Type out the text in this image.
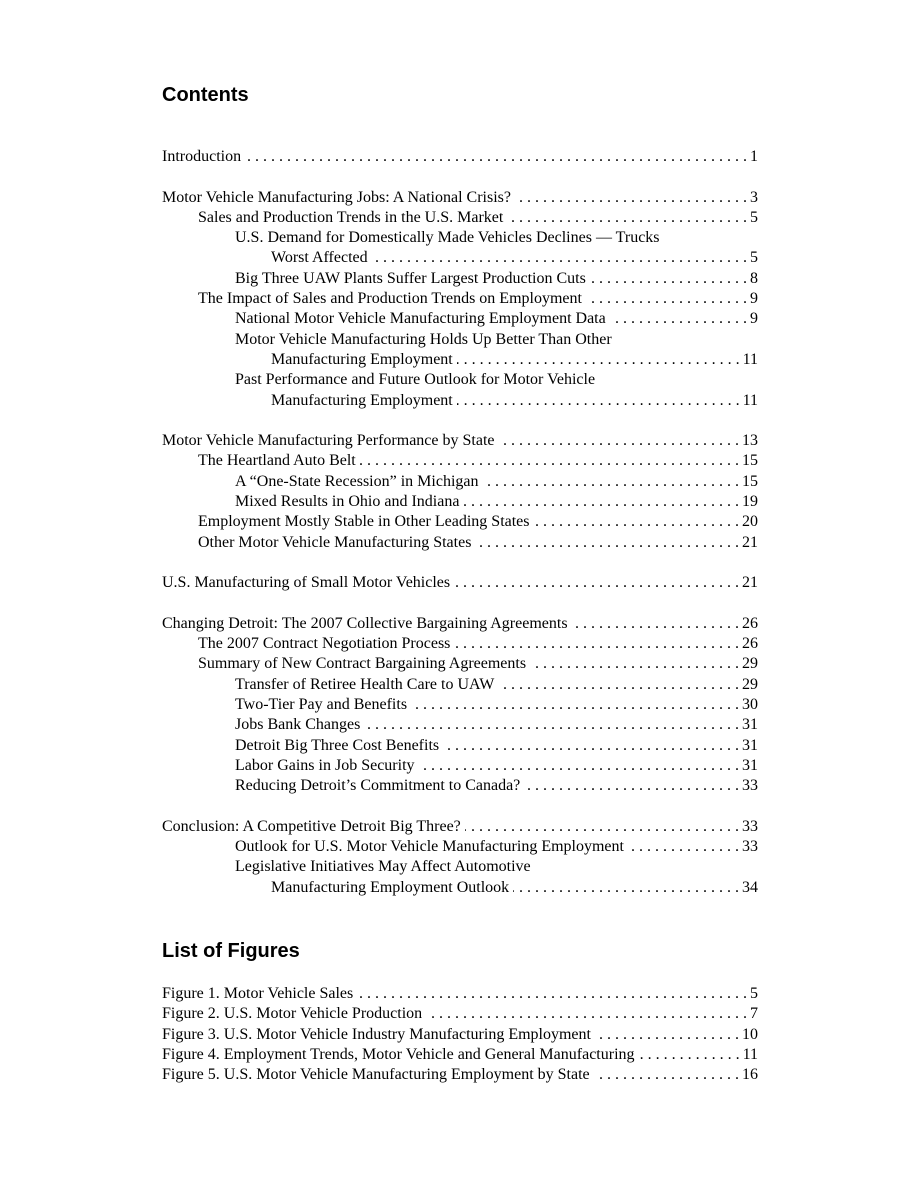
Contents
Introduction . . .	1
Motor Vehicle Manufacturing Jobs: A National Crisis? . . .	3
Sales and Production Trends in the U.S. Market . . .	5
U.S. Demand for Domestically Made Vehicles Declines — Trucks
Worst Affected . . .	5
Big Three UAW Plants Suffer Largest Production Cuts . . .	8
The Impact of Sales and Production Trends on Employment . . .	9
National Motor Vehicle Manufacturing Employment Data . . .	9
Motor Vehicle Manufacturing Holds Up Better Than Other
Manufacturing Employment . . .	11
Past Performance and Future Outlook for Motor Vehicle
Manufacturing Employment . . .	11
Motor Vehicle Manufacturing Performance by State . . .	13
The Heartland Auto Belt . . .	15
A “One-State Recession” in Michigan . . .	15
Mixed Results in Ohio and Indiana . . .	19
Employment Mostly Stable in Other Leading States . . .	20
Other Motor Vehicle Manufacturing States . . .	21
U.S. Manufacturing of Small Motor Vehicles . . .	21
Changing Detroit: The 2007 Collective Bargaining Agreements . . .	26
The 2007 Contract Negotiation Process . . .	26
Summary of New Contract Bargaining Agreements . . .	29
Transfer of Retiree Health Care to UAW . . .	29
Two-Tier Pay and Benefits . . .	30
Jobs Bank Changes . . .	31
Detroit Big Three Cost Benefits . . .	31
Labor Gains in Job Security . . .	31
Reducing Detroit’s Commitment to Canada? . . .	33
Conclusion: A Competitive Detroit Big Three? . . .	33
Outlook for U.S. Motor Vehicle Manufacturing Employment . . .	33
Legislative Initiatives May Affect Automotive
Manufacturing Employment Outlook . . .	34
List of Figures
Figure 1. Motor Vehicle Sales . . .	5
Figure 2. U.S. Motor Vehicle Production . . .	7
Figure 3. U.S. Motor Vehicle Industry Manufacturing Employment . . .	10
Figure 4. Employment Trends, Motor Vehicle and General Manufacturing . . .	11
Figure 5. U.S. Motor Vehicle Manufacturing Employment by State . . .	16
